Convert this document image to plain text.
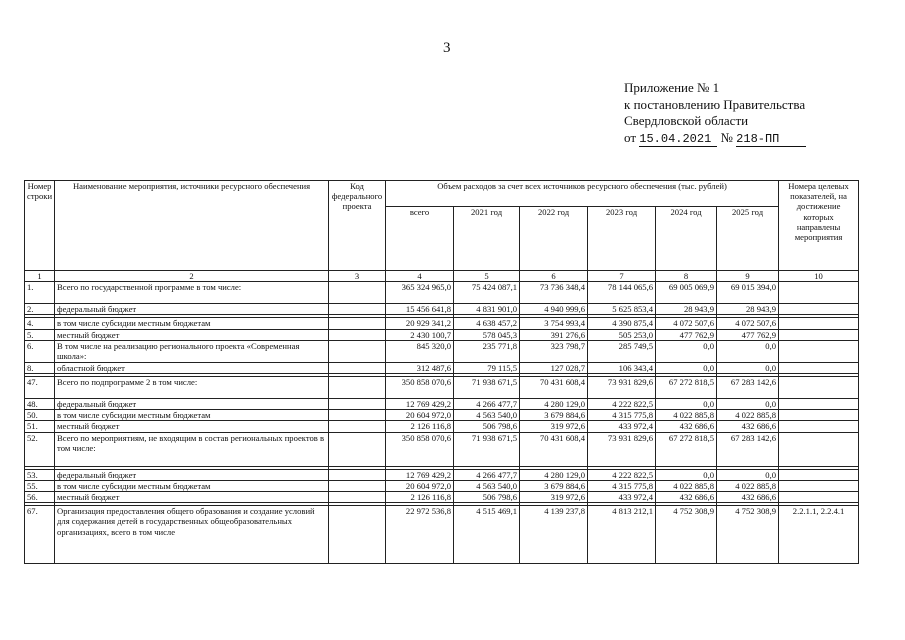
3
Приложение № 1
к постановлению Правительства
Свердловской области
от 15.04.2021 № 218-ПП
Номер строки	Наименование мероприятия, источники ресурсного обеспечения	Код федерального проекта	Объем расходов за счет всех источников ресурсного обеспечения (тыс. рублей)						Номера целевых показателей, на достижение которых направлены мероприятия
			всего	2021 год	2022 год	2023 год	2024 год	2025 год	
1	2	3	4	5	6	7	8	9	10
1.	Всего по государственной программе в том числе:		365 324 965,0	75 424 087,1	73 736 348,4	78 144 065,6	69 005 069,9	69 015 394,0	
2.	федеральный бюджет		15 456 641,8	4 831 901,0	4 940 999,6	5 625 853,4	28 943,9	28 943,9	

4.	в том числе субсидии местным бюджетам		20 929 341,2	4 638 457,2	3 754 993,4	4 390 875,4	4 072 507,6	4 072 507,6	
5.	местный бюджет		2 430 100,7	578 045,3	391 276,6	505 253,0	477 762,9	477 762,9	
6.	В том числе на реализацию регионального проекта «Современная школа»:		845 320,0	235 771,8	323 798,7	285 749,5	0,0	0,0	
8.	областной бюджет		312 487,6	79 115,5	127 028,7	106 343,4	0,0	0,0	

47.	Всего по подпрограмме 2 в том числе:		350 858 070,6	71 938 671,5	70 431 608,4	73 931 829,6	67 272 818,5	67 283 142,6	
48.	федеральный бюджет		12 769 429,2	4 266 477,7	4 280 129,0	4 222 822,5	0,0	0,0	
50.	в том числе субсидии местным бюджетам		20 604 972,0	4 563 540,0	3 679 884,6	4 315 775,8	4 022 885,8	4 022 885,8	
51.	местный бюджет		2 126 116,8	506 798,6	319 972,6	433 972,4	432 686,6	432 686,6	
52.	Всего по мероприятиям, не входящим в состав региональных проектов в том числе:		350 858 070,6	71 938 671,5	70 431 608,4	73 931 829,6	67 272 818,5	67 283 142,6	

53.	федеральный бюджет		12 769 429,2	4 266 477,7	4 280 129,0	4 222 822,5	0,0	0,0	
55.	в том числе субсидии местным бюджетам		20 604 972,0	4 563 540,0	3 679 884,6	4 315 775,8	4 022 885,8	4 022 885,8	
56.	местный бюджет		2 126 116,8	506 798,6	319 972,6	433 972,4	432 686,6	432 686,6	

67.	Организация предоставления общего образования и создание условий для содержания детей в государственных общеобразовательных организациях, всего в том числе		22 972 536,8	4 515 469,1	4 139 237,8	4 813 212,1	4 752 308,9	4 752 308,9	2.2.1.1, 2.2.4.1
